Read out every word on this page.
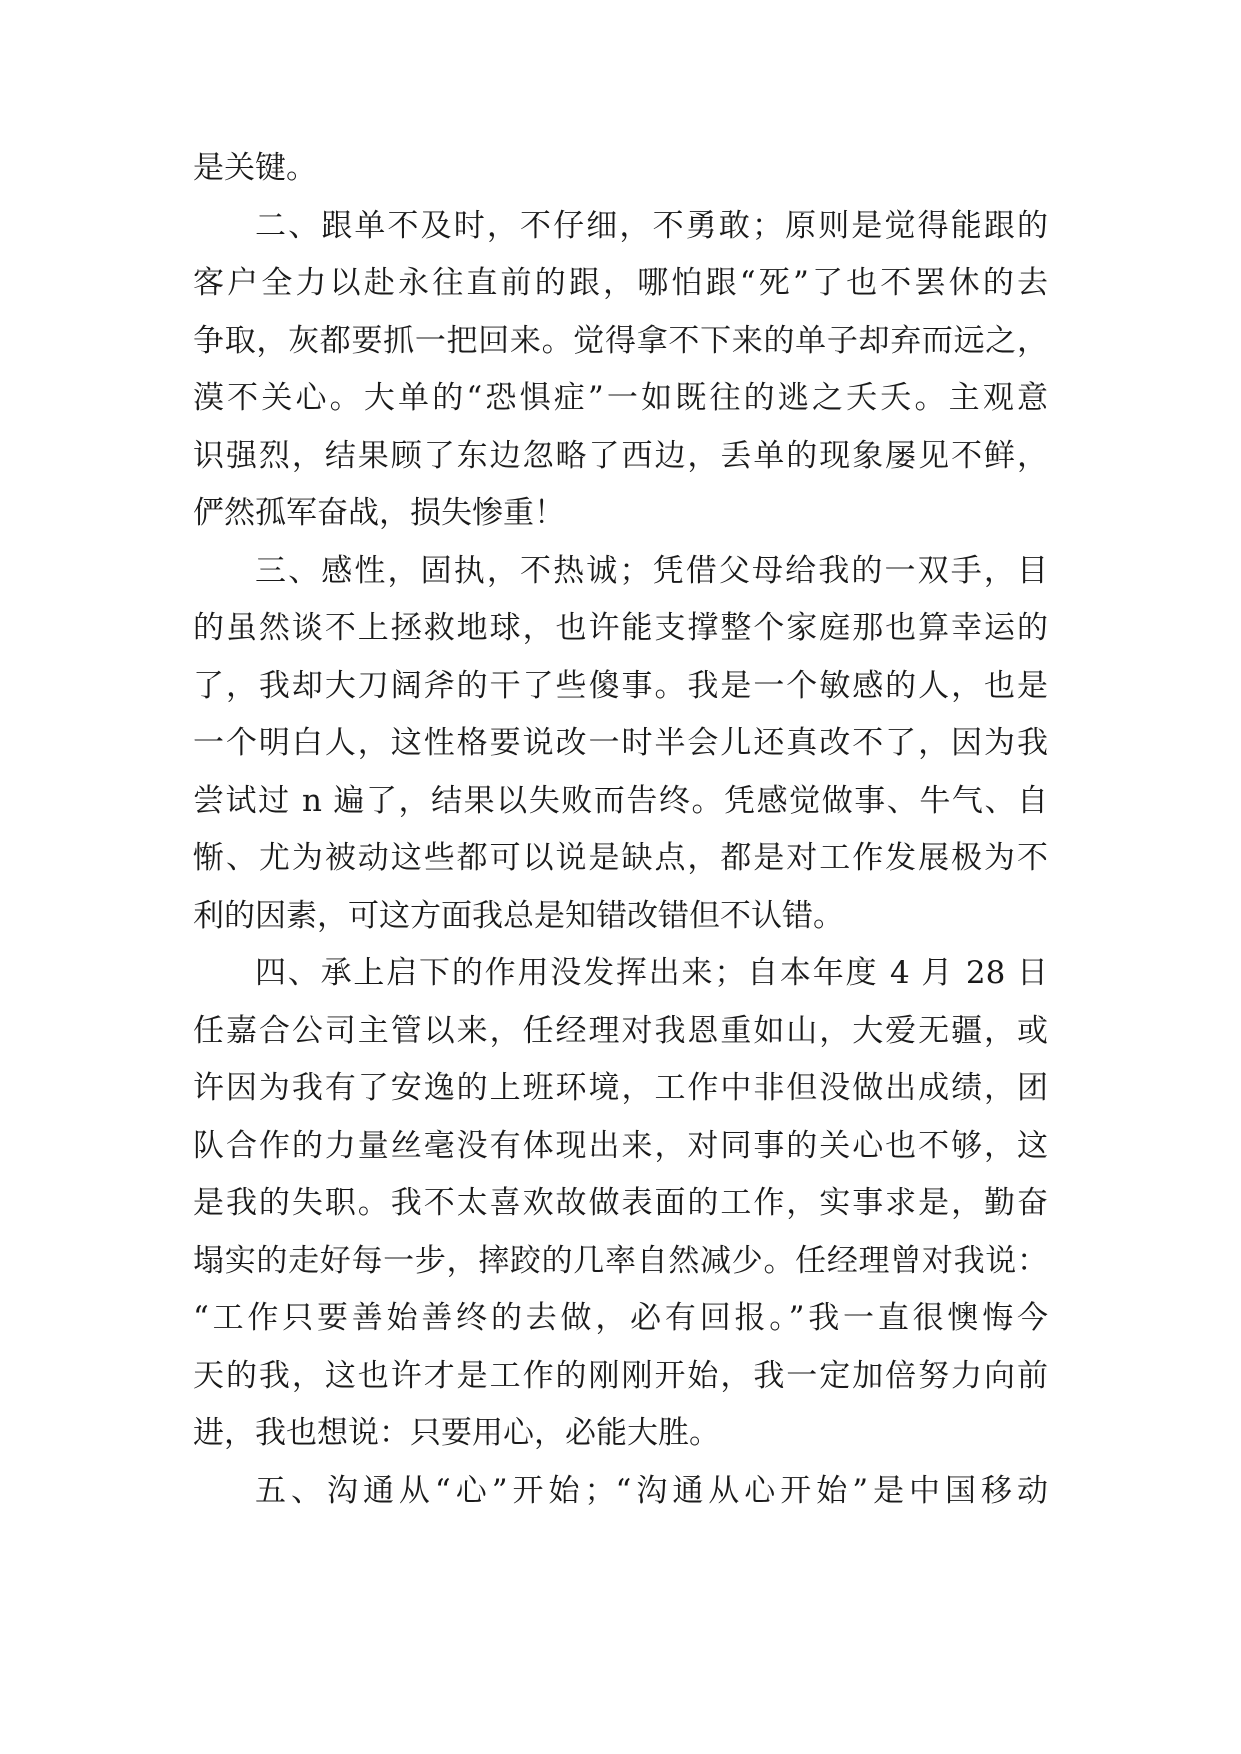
是关键。
二、跟单不及时，不仔细，不勇敢；原则是觉得能跟的
客户全力以赴永往直前的跟，哪怕跟“死”了也不罢休的去
争取，灰都要抓一把回来。觉得拿不下来的单子却弃而远之，
漠不关心。大单的“恐惧症”一如既往的逃之夭夭。主观意
识强烈，结果顾了东边忽略了西边，丢单的现象屡见不鲜，
俨然孤军奋战，损失惨重！
三、感性，固执，不热诚；凭借父母给我的一双手，目
的虽然谈不上拯救地球，也许能支撑整个家庭那也算幸运的
了，我却大刀阔斧的干了些傻事。我是一个敏感的人，也是
一个明白人，这性格要说改一时半会儿还真改不了，因为我
尝试过 n 遍了，结果以失败而告终。凭感觉做事、牛气、自
惭、尤为被动这些都可以说是缺点，都是对工作发展极为不
利的因素，可这方面我总是知错改错但不认错。
四、承上启下的作用没发挥出来；自本年度 4 月 28 日
任嘉合公司主管以来，任经理对我恩重如山，大爱无疆，或
许因为我有了安逸的上班环境，工作中非但没做出成绩，团
队合作的力量丝毫没有体现出来，对同事的关心也不够，这
是我的失职。我不太喜欢故做表面的工作，实事求是，勤奋
塌实的走好每一步，摔跤的几率自然减少。任经理曾对我说：
“工作只要善始善终的去做，必有回报。”我一直很懊悔今
天的我，这也许才是工作的刚刚开始，我一定加倍努力向前
进，我也想说：只要用心，必能大胜。
五、沟通从“心”开始；“沟通从心开始”是中国移动
